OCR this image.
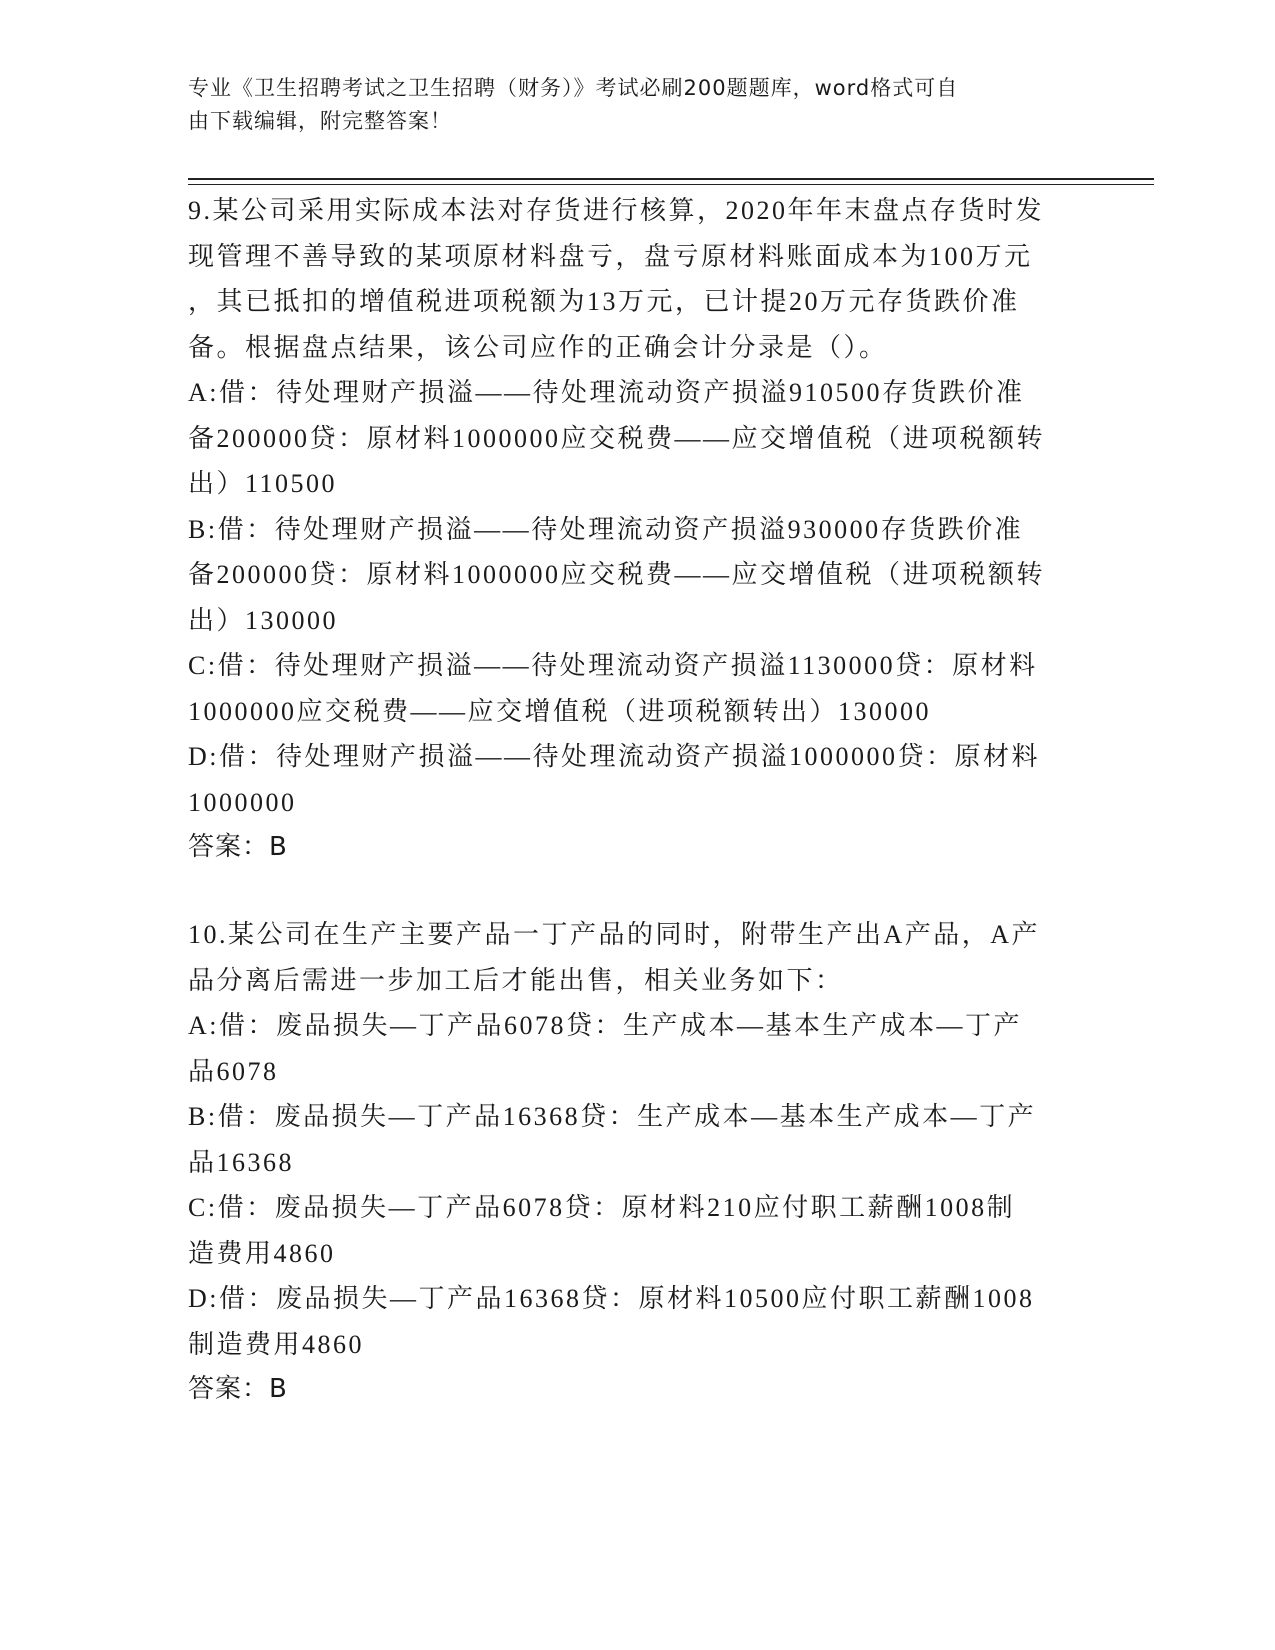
专业《卫生招聘考试之卫生招聘（财务）》考试必刷200题题库，word格式可自
由下载编辑，附完整答案！
9.某公司采用实际成本法对存货进行核算，2020年年末盘点存货时发
现管理不善导致的某项原材料盘亏，盘亏原材料账面成本为100万元
，其已抵扣的增值税进项税额为13万元，已计提20万元存货跌价准
备。根据盘点结果，该公司应作的正确会计分录是（）。
A:借：待处理财产损溢——待处理流动资产损溢910500存货跌价准
备200000贷：原材料1000000应交税费——应交增值税（进项税额转
出）110500
B:借：待处理财产损溢——待处理流动资产损溢930000存货跌价准
备200000贷：原材料1000000应交税费——应交增值税（进项税额转
出）130000
C:借：待处理财产损溢——待处理流动资产损溢1130000贷：原材料
1000000应交税费——应交增值税（进项税额转出）130000
D:借：待处理财产损溢——待处理流动资产损溢1000000贷：原材料
1000000
答案：B
10.某公司在生产主要产品一丁产品的同时，附带生产出A产品，A产
品分离后需进一步加工后才能出售，相关业务如下：
A:借：废品损失—丁产品6078贷：生产成本—基本生产成本—丁产
品6078
B:借：废品损失—丁产品16368贷：生产成本—基本生产成本—丁产
品16368
C:借：废品损失—丁产品6078贷：原材料210应付职工薪酬1008制
造费用4860
D:借：废品损失—丁产品16368贷：原材料10500应付职工薪酬1008
制造费用4860
答案：B
